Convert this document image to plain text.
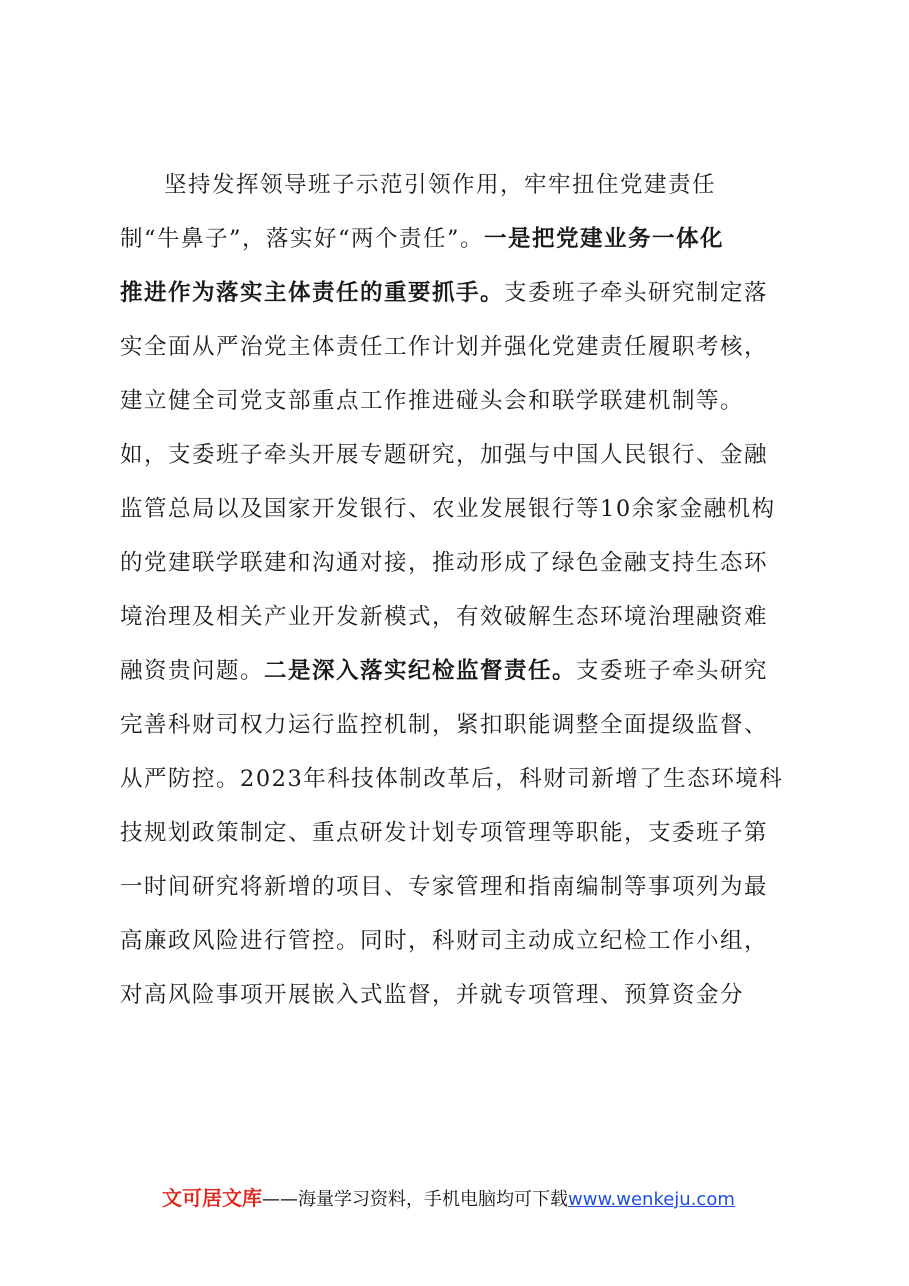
坚持发挥领导班子示范引领作用，牢牢扭住党建责任
制“牛鼻子”，落实好“两个责任”。一是把党建业务一体化
推进作为落实主体责任的重要抓手。支委班子牵头研究制定落
实全面从严治党主体责任工作计划并强化党建责任履职考核，
建立健全司党支部重点工作推进碰头会和联学联建机制等。
如，支委班子牵头开展专题研究，加强与中国人民银行、金融
监管总局以及国家开发银行、农业发展银行等10余家金融机构
的党建联学联建和沟通对接，推动形成了绿色金融支持生态环
境治理及相关产业开发新模式，有效破解生态环境治理融资难
融资贵问题。二是深入落实纪检监督责任。支委班子牵头研究
完善科财司权力运行监控机制，紧扣职能调整全面提级监督、
从严防控。2023年科技体制改革后，科财司新增了生态环境科
技规划政策制定、重点研发计划专项管理等职能，支委班子第
一时间研究将新增的项目、专家管理和指南编制等事项列为最
高廉政风险进行管控。同时，科财司主动成立纪检工作小组，
对高风险事项开展嵌入式监督，并就专项管理、预算资金分
文可居文库——海量学习资料，手机电脑均可下载www.wenkeju.com
